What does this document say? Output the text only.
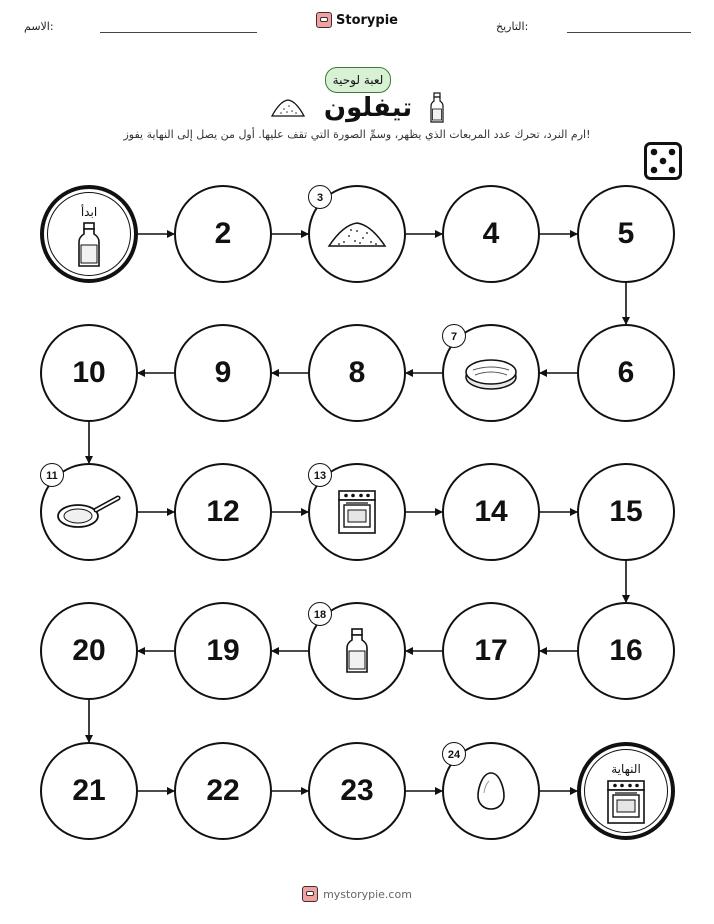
الاسم:	التاريخ:
Storypie
لعبة لوحية
تيفلون
ارم النرد، تحرك عدد المربعات الذي يظهر، وسمِّ الصورة التي تقف عليها. أول من يصل إلى النهاية يفوز!
ابدأ
2
3
4	5
6
7
8
9
10
11
12
13
14	15
16
17
18
19
20
21	22	23
24
النهاية
mystorypie.com
